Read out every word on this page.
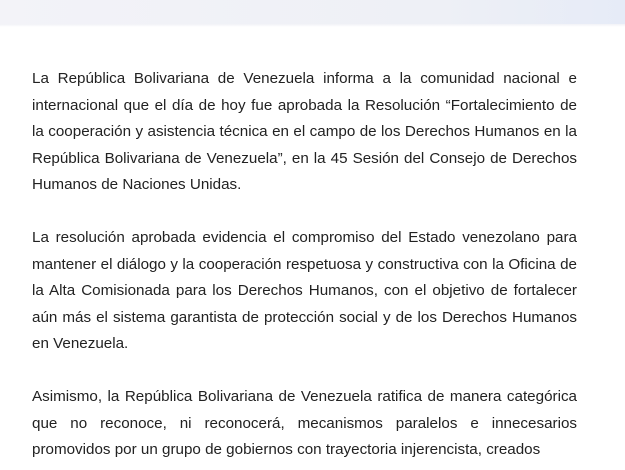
La República Bolivariana de Venezuela informa a la comunidad nacional e internacional que el día de hoy fue aprobada la Resolución “Fortalecimiento de la cooperación y asistencia técnica en el campo de los Derechos Humanos en la República Bolivariana de Venezuela”, en la 45 Sesión del Consejo de Derechos Humanos de Naciones Unidas.

La resolución aprobada evidencia el compromiso del Estado venezolano para mantener el diálogo y la cooperación respetuosa y constructiva con la Oficina de la Alta Comisionada para los Derechos Humanos, con el objetivo de fortalecer aún más el sistema garantista de protección social y de los Derechos Humanos en Venezuela.

Asimismo, la República Bolivariana de Venezuela ratifica de manera categórica que no reconoce, ni reconocerá, mecanismos paralelos e innecesarios promovidos por un grupo de gobiernos con trayectoria injerencista, creados
